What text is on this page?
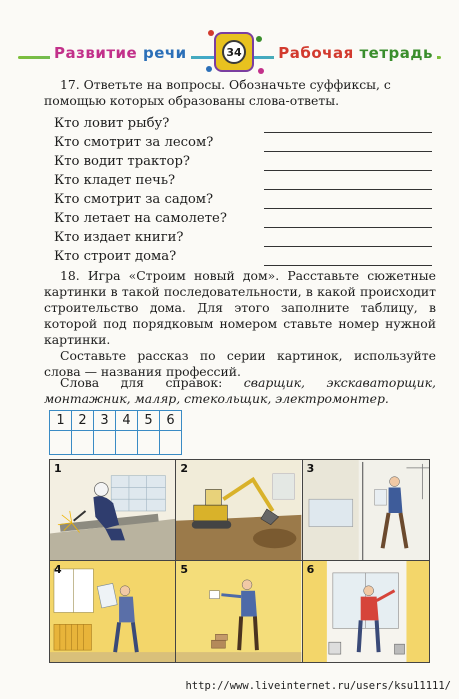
Развитие речи	34 Рабочая тетрадь
17. Ответьте на вопросы. Обозначьте суффиксы, с помощью которых образованы слова-ответы.
Кто ловит рыбу?
Кто смотрит за лесом?
Кто водит трактор?
Кто кладет печь?
Кто смотрит за садом?
Кто летает на самолете?
Кто издает книги?
Кто строит дома?

18. Игра «Строим новый дом». Расставьте сюжетные картинки в такой последовательности, в какой происходит строительство дома. Для этого заполните таблицу, в которой под порядковым номером ставьте номер нужной картинки.

Составьте рассказ по серии картинок, используйте слова — названия профессий.

Слова для справок: сварщик, экскаваторщик, монтажник, маляр, стекольщик, электромонтер.
1	2	3	4	5	6

1	2	3
4	5	6
http://www.liveinternet.ru/users/ksu11111/
